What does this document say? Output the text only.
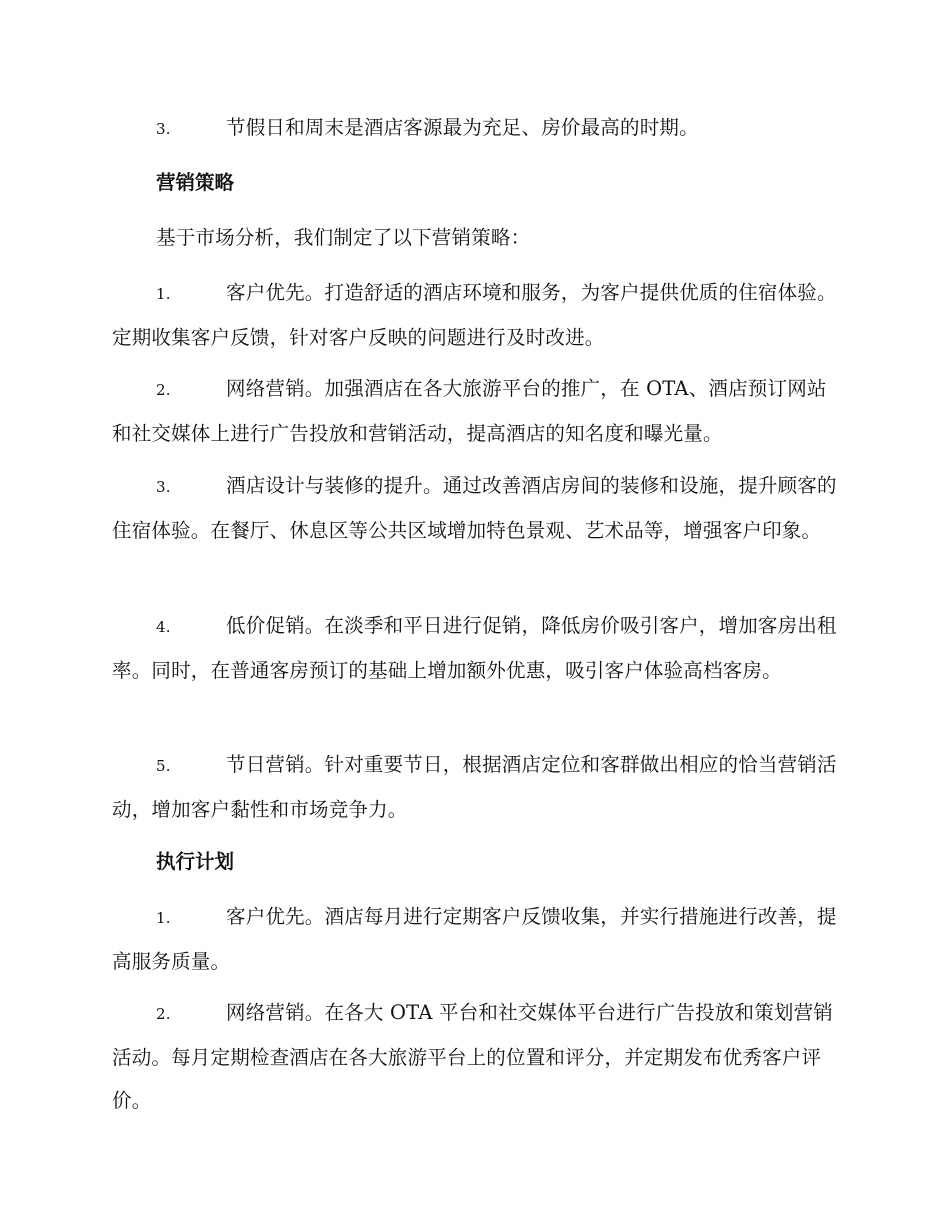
3.	节假日和周末是酒店客源最为充足、房价最高的时期。

营销策略

基于市场分析，我们制定了以下营销策略：

1.	客户优先。打造舒适的酒店环境和服务，为客户提供优质的住宿体验。定期收集客户反馈，针对客户反映的问题进行及时改进。

2.	网络营销。加强酒店在各大旅游平台的推广，在 OTA、酒店预订网站和社交媒体上进行广告投放和营销活动，提高酒店的知名度和曝光量。

3.	酒店设计与装修的提升。通过改善酒店房间的装修和设施，提升顾客的住宿体验。在餐厅、休息区等公共区域增加特色景观、艺术品等，增强客户印象。

4.	低价促销。在淡季和平日进行促销，降低房价吸引客户，增加客房出租率。同时，在普通客房预订的基础上增加额外优惠，吸引客户体验高档客房。

5.	节日营销。针对重要节日，根据酒店定位和客群做出相应的恰当营销活动，增加客户黏性和市场竞争力。

执行计划

1.	客户优先。酒店每月进行定期客户反馈收集，并实行措施进行改善，提高服务质量。

2.	网络营销。在各大 OTA 平台和社交媒体平台进行广告投放和策划营销活动。每月定期检查酒店在各大旅游平台上的位置和评分，并定期发布优秀客户评价。
